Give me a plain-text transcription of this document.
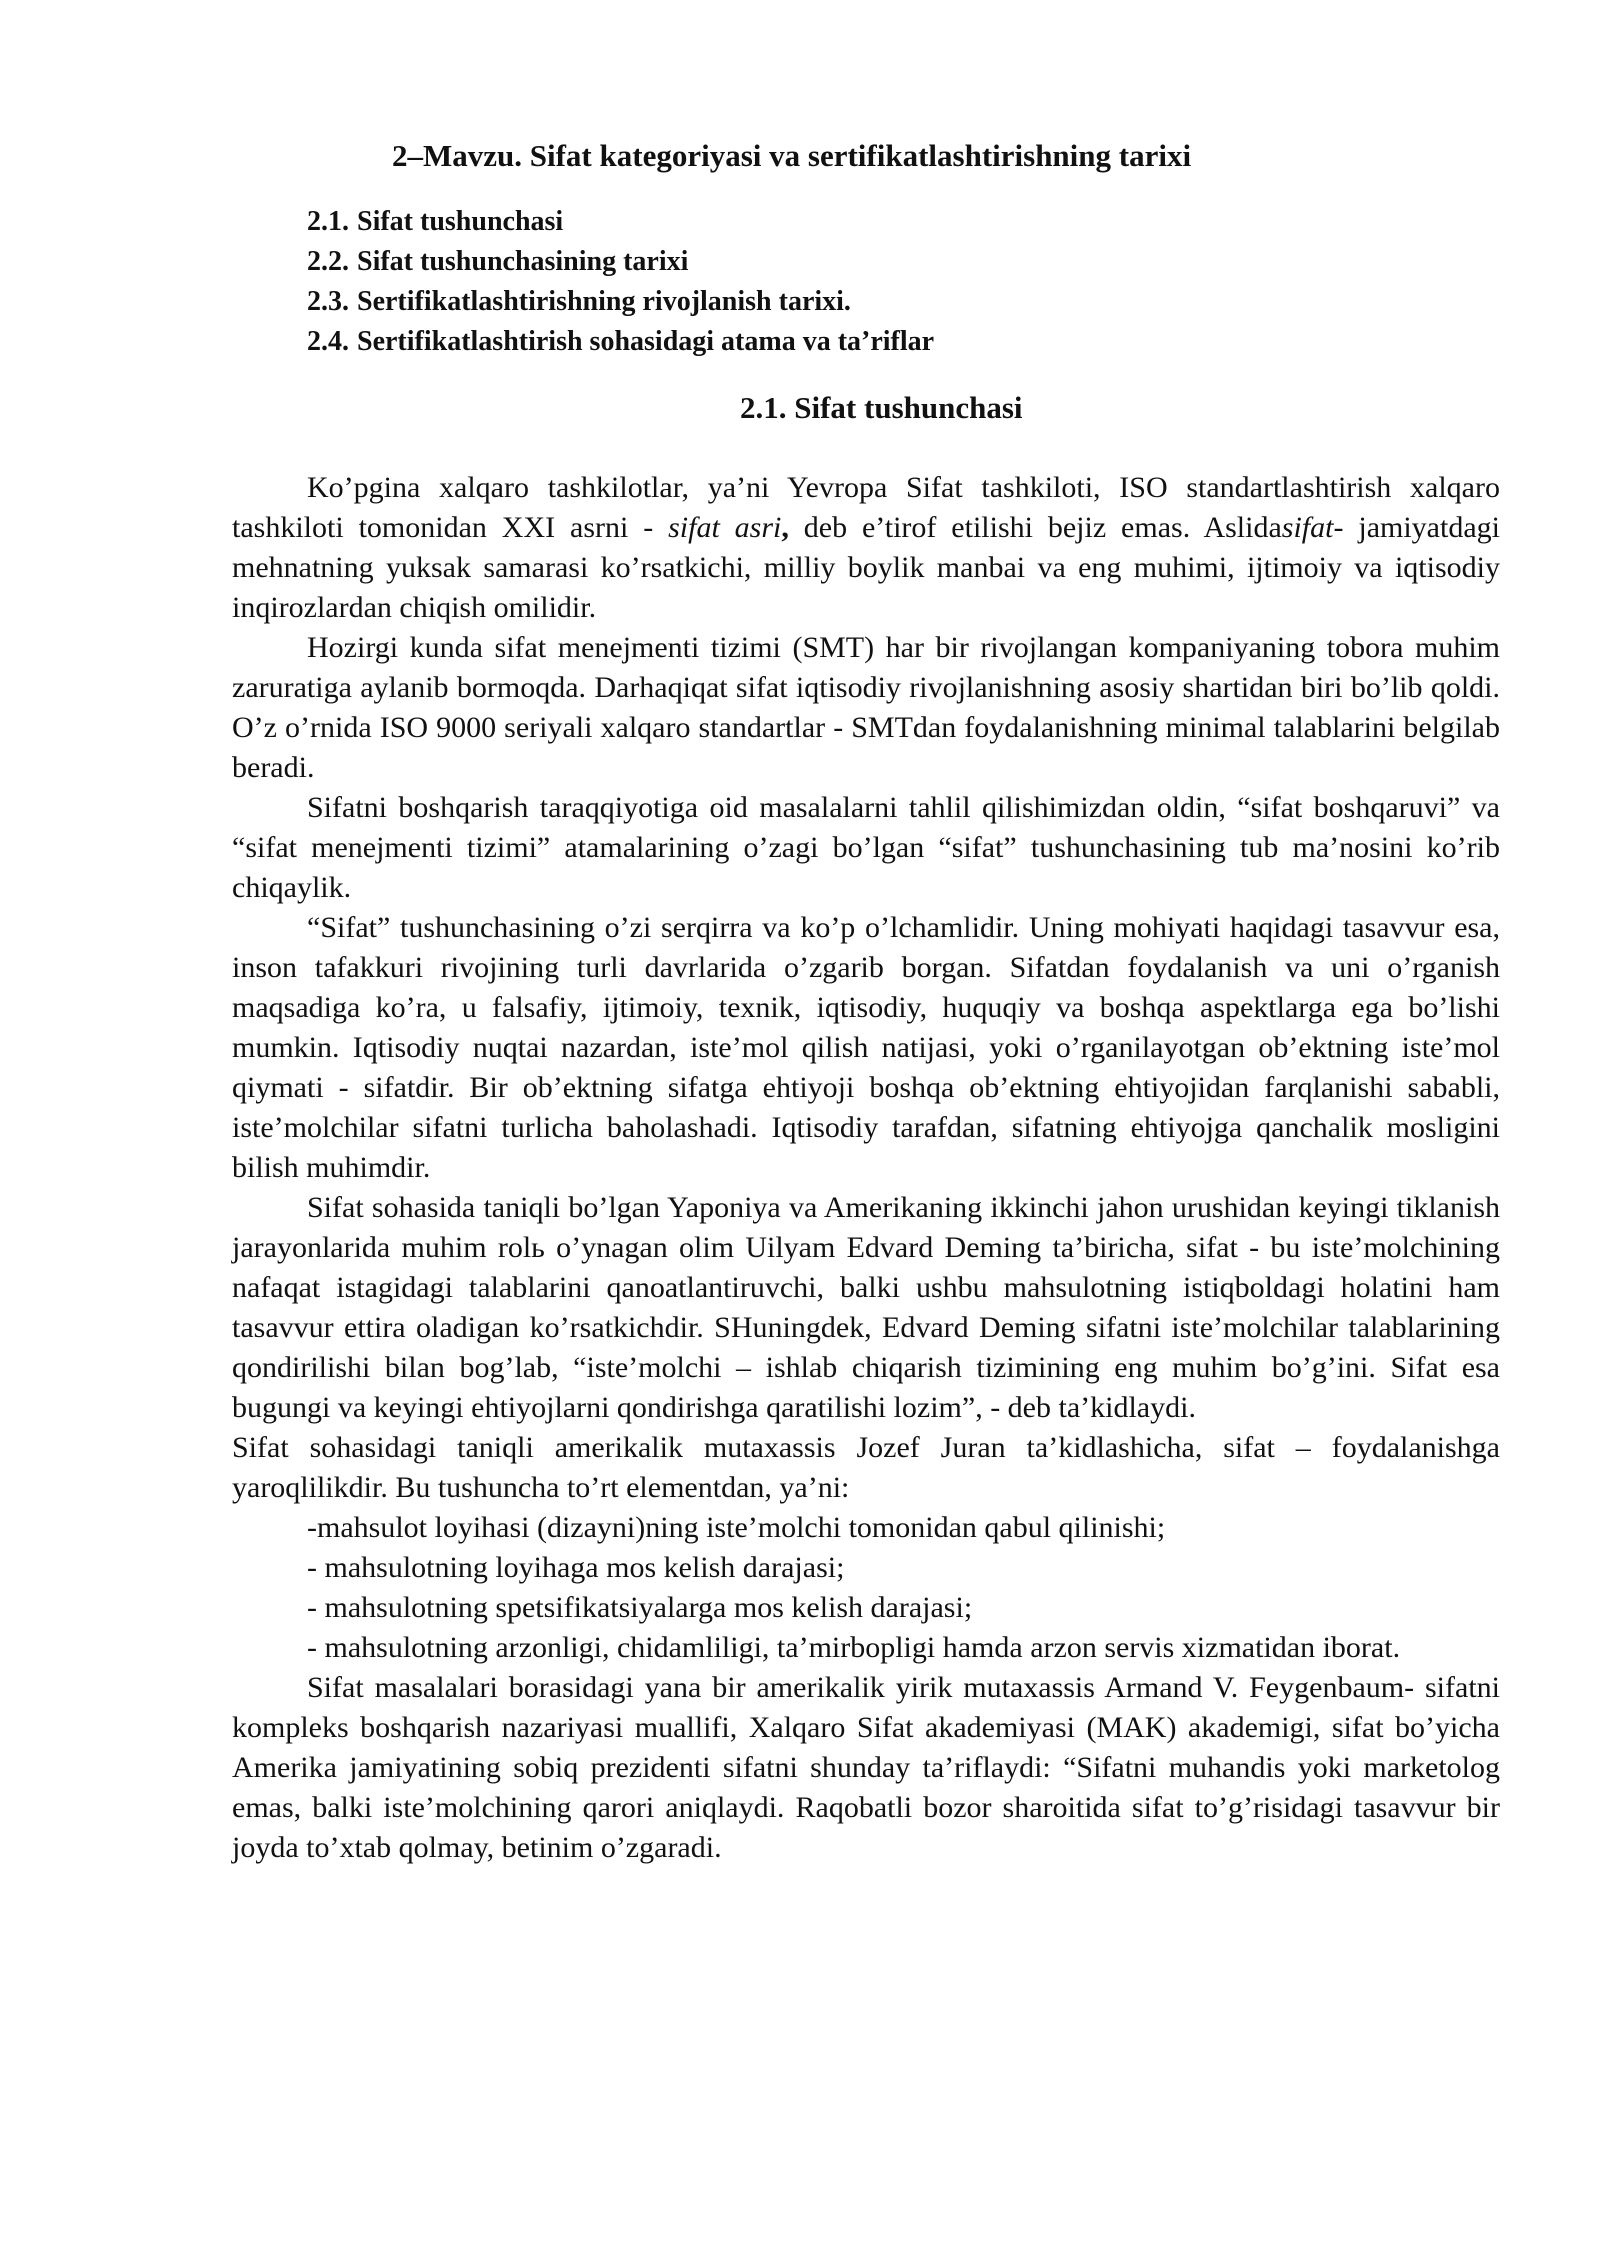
2–Mavzu. Sifat kategoriyasi va sertifikatlashtirishning tarixi
2.1. Sifat tushunchasi
2.2. Sifat tushunchasining tarixi
2.3. Sertifikatlashtirishning rivojlanish tarixi.
2.4. Sertifikatlashtirish sohasidagi atama va ta’riflar
2.1. Sifat tushunchasi

Ko’pgina xalqaro tashkilotlar, ya’ni Yevropa Sifat tashkiloti, ISO standartlashtirish xalqaro tashkiloti tomonidan XXI asrni - sifat asri, deb e’tirof etilishi bejiz emas. Aslidasifat- jamiyatdagi mehnatning yuksak samarasi ko’rsatkichi, milliy boylik manbai va eng muhimi, ijtimoiy va iqtisodiy inqirozlardan chiqish omilidir.

Hozirgi kunda sifat menejmenti tizimi (SMT) har bir rivojlangan kompaniyaning tobora muhim zaruratiga aylanib bormoqda. Darhaqiqat sifat iqtisodiy rivojlanishning asosiy shartidan biri bo’lib qoldi. O’z o’rnida ISO 9000 seriyali xalqaro standartlar - SMTdan foydalanishning minimal talablarini belgilab beradi.

Sifatni boshqarish taraqqiyotiga oid masalalarni tahlil qilishimizdan oldin, “sifat boshqaruvi” va “sifat menejmenti tizimi” atamalarining o’zagi bo’lgan “sifat” tushunchasining tub ma’nosini ko’rib chiqaylik.

“Sifat” tushunchasining o’zi serqirra va ko’p o’lchamlidir. Uning mohiyati haqidagi tasavvur esa, inson tafakkuri rivojining turli davrlarida o’zgarib borgan. Sifatdan foydalanish va uni o’rganish maqsadiga ko’ra, u falsafiy, ijtimoiy, texnik, iqtisodiy, huquqiy va boshqa aspektlarga ega bo’lishi mumkin. Iqtisodiy nuqtai nazardan, iste’mol qilish natijasi, yoki o’rganilayotgan ob’ektning iste’mol qiymati - sifatdir. Bir ob’ektning sifatga ehtiyoji boshqa ob’ektning ehtiyojidan farqlanishi sababli, iste’molchilar sifatni turlicha baholashadi. Iqtisodiy tarafdan, sifatning ehtiyojga qanchalik mosligini bilish muhimdir.

Sifat sohasida taniqli bo’lgan Yaponiya va Amerikaning ikkinchi jahon urushidan keyingi tiklanish jarayonlarida muhim rolь o’ynagan olim Uilyam Edvard Deming ta’biricha, sifat - bu iste’molchining nafaqat istagidagi talablarini qanoatlantiruvchi, balki ushbu mahsulotning istiqboldagi holatini ham tasavvur ettira oladigan ko’rsatkichdir. SHuningdek, Edvard Deming sifatni iste’molchilar talablarining qondirilishi bilan bog’lab, “iste’molchi – ishlab chiqarish tizimining eng muhim bo’g’ini. Sifat esa bugungi va keyingi ehtiyojlarni qondirishga qaratilishi lozim”, - deb ta’kidlaydi.

Sifat sohasidagi taniqli amerikalik mutaxassis Jozef Juran ta’kidlashicha, sifat – foydalanishga yaroqlilikdir. Bu tushuncha to’rt elementdan, ya’ni:

-mahsulot loyihasi (dizayni)ning iste’molchi tomonidan qabul qilinishi;

- mahsulotning loyihaga mos kelish darajasi;

- mahsulotning spetsifikatsiyalarga mos kelish darajasi;

- mahsulotning arzonligi, chidamliligi, ta’mirbopligi hamda arzon servis xizmatidan iborat.

Sifat masalalari borasidagi yana bir amerikalik yirik mutaxassis Armand V. Feygenbaum- sifatni kompleks boshqarish nazariyasi muallifi, Xalqaro Sifat akademiyasi (MAK) akademigi, sifat bo’yicha Amerika jamiyatining sobiq prezidenti sifatni shunday ta’riflaydi: “Sifatni muhandis yoki marketolog emas, balki iste’molchining qarori aniqlaydi. Raqobatli bozor sharoitida sifat to’g’risidagi tasavvur bir joyda to’xtab qolmay, betinim o’zgaradi.
